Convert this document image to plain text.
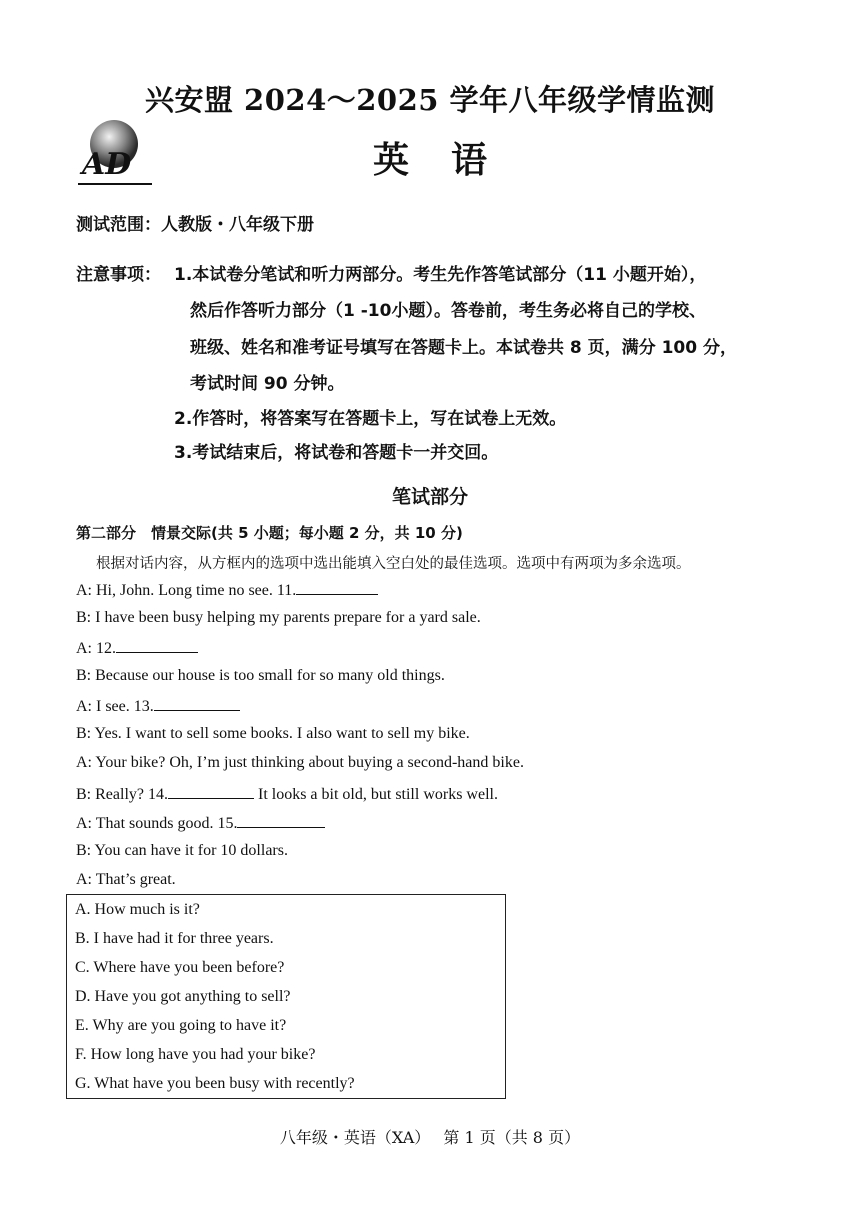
兴安盟 2024～2025 学年八年级学情监测
AD	英语
测试范围：人教版・八年级下册
注意事项： 1.本试卷分笔试和听力两部分。考生先作答笔试部分（11 小题开始），
然后作答听力部分（1 -10小题）。答卷前，考生务必将自己的学校、
班级、姓名和准考证号填写在答题卡上。本试卷共 8 页，满分 100 分，
考试时间 90 分钟。
2.作答时，将答案写在答题卡上，写在试卷上无效。
3.考试结束后，将试卷和答题卡一并交回。
笔试部分
第二部分　情景交际(共 5 小题；每小题 2 分，共 10 分)
根据对话内容，从方框内的选项中选出能填入空白处的最佳选项。选项中有两项为多余选项。
A: Hi, John. Long time no see. 11.
B: I have been busy helping my parents prepare for a yard sale.
A: 12.
B: Because our house is too small for so many old things.
A: I see. 13.
B: Yes. I want to sell some books. I also want to sell my bike.
A: Your bike? Oh, I’m just thinking about buying a second-hand bike.
B: Really? 14.	It looks a bit old, but still works well.
A: That sounds good. 15.
B: You can have it for 10 dollars.
A: That’s great.
A. How much is it?
B. I have had it for three years.
C. Where have you been before?
D. Have you got anything to sell?
E. Why are you going to have it?
F. How long have you had your bike?
G. What have you been busy with recently?
八年级・英语（XA）　 第 1 页（共 8 页）
